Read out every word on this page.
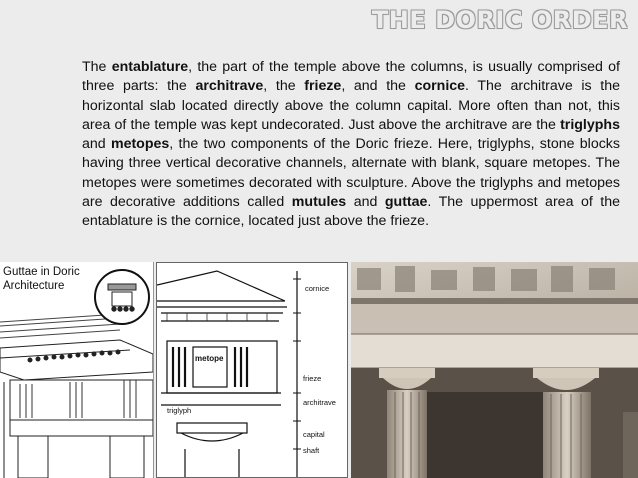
THE DORIC ORDER

The entablature, the part of the temple above the columns, is usually comprised of three parts: the architrave, the frieze, and the cornice. The architrave is the horizontal slab located directly above the column capital. More often than not, this area of the temple was kept undecorated. Just above the architrave are the triglyphs and metopes, the two components of the Doric frieze. Here, triglyphs, stone blocks having three vertical decorative channels, alternate with blank, square metopes. The metopes were sometimes decorated with sculpture. Above the triglyphs and metopes are decorative additions called mutules and guttae. The uppermost area of the entablature is the cornice, located just above the frieze.

Guttae in Doric
Architecture	cornice
metope
frieze
triglyph
architrave
capital
shaft
